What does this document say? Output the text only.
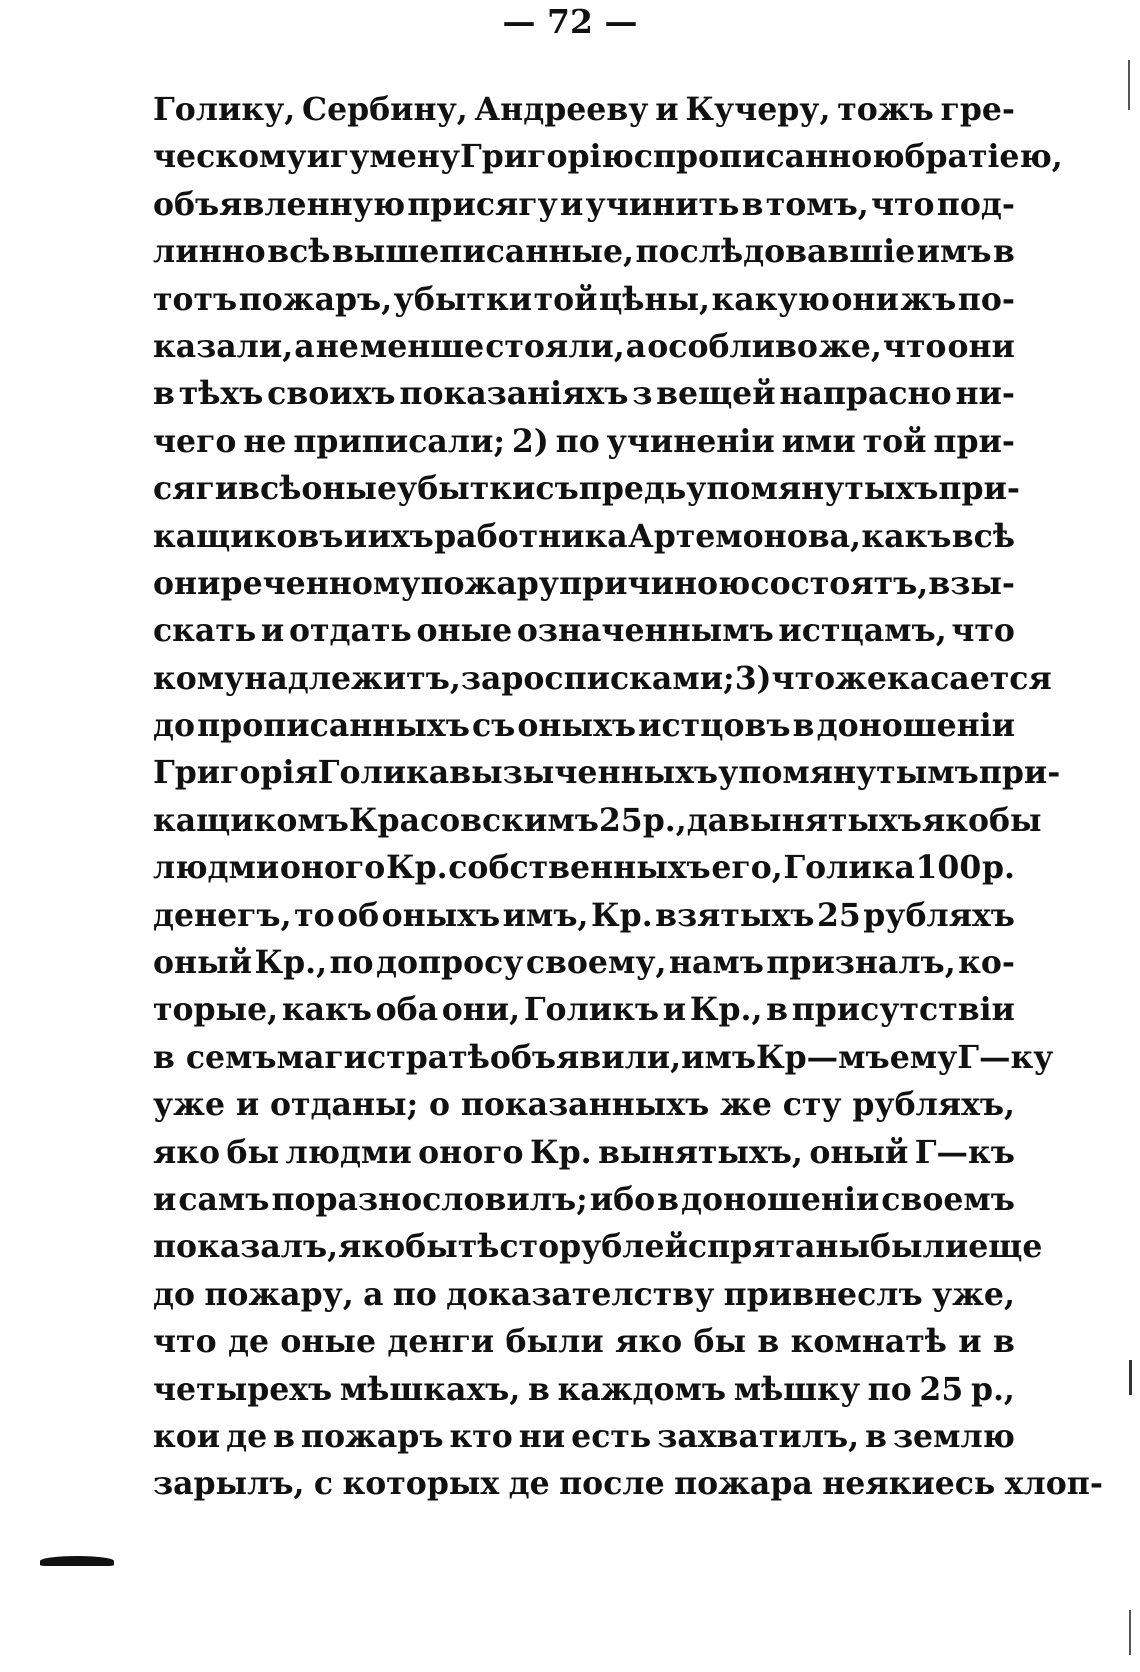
— 72 —
Голику, Сербину, Андрееву и Кучеру, тожъ гре-
ческому игумену Григорію с прописанною братіею,
объявленную присягу и учинить в томъ, что под-
линно всѣ вышеписанные, послѣдовавшіе имъ в
тотъ пожаръ, убытки той цѣны, какую они жъ по-
казали, а не менше стояли, а особливо же, что они
в тѣхъ своихъ показаніяхъ з вещей напрасно ни-
чего не приписали; 2) по учиненіи ими той при-
сяги всѣ оные убытки съ предьупомянутыхъ при-
кащиковъ и ихъ работника Артемонова, какъ всѣ
они реченному пожару причиною состоятъ, взы-
скать и отдать оные означеннымъ истцамъ, что
кому надлежитъ, за росписками; 3) что же касается
до прописанныхъ съ оныхъ истцовъ в доношеніи
Григорія Голика вызыченныхъ упомянутымъ при-
кащикомъ Красовскимъ 25 р., да вынятыхъ яко бы
людми оного Кр. собственныхъ его, Голика 100 р.
денегъ, то об оныхъ имъ, Кр. взятыхъ 25 рубляхъ
оный Кр., по допросу своему, намъ призналъ, ко-
торые, какъ оба они, Голикъ и Кр., в присутствіи
в семъ магистратѣ объявили, имъ Кр—мъ ему Г—ку
уже и отданы; о показанныхъ же сту рубляхъ,
яко бы людми оного Кр. вынятыхъ, оный Г—къ
и самъ поразнословилъ; ибо в доношеніи своемъ
показалъ, якобы тѣ сто рублей спрятаны были еще
до пожару, а по доказателству привнеслъ уже,
что де оные денги были яко бы в комнатѣ и в
четырехъ мѣшкахъ, в каждомъ мѣшку по 25 р.,
кои де в пожаръ кто ни есть захватилъ, в землю
зарылъ, с которых де после пожара неякиесь хлоп-
